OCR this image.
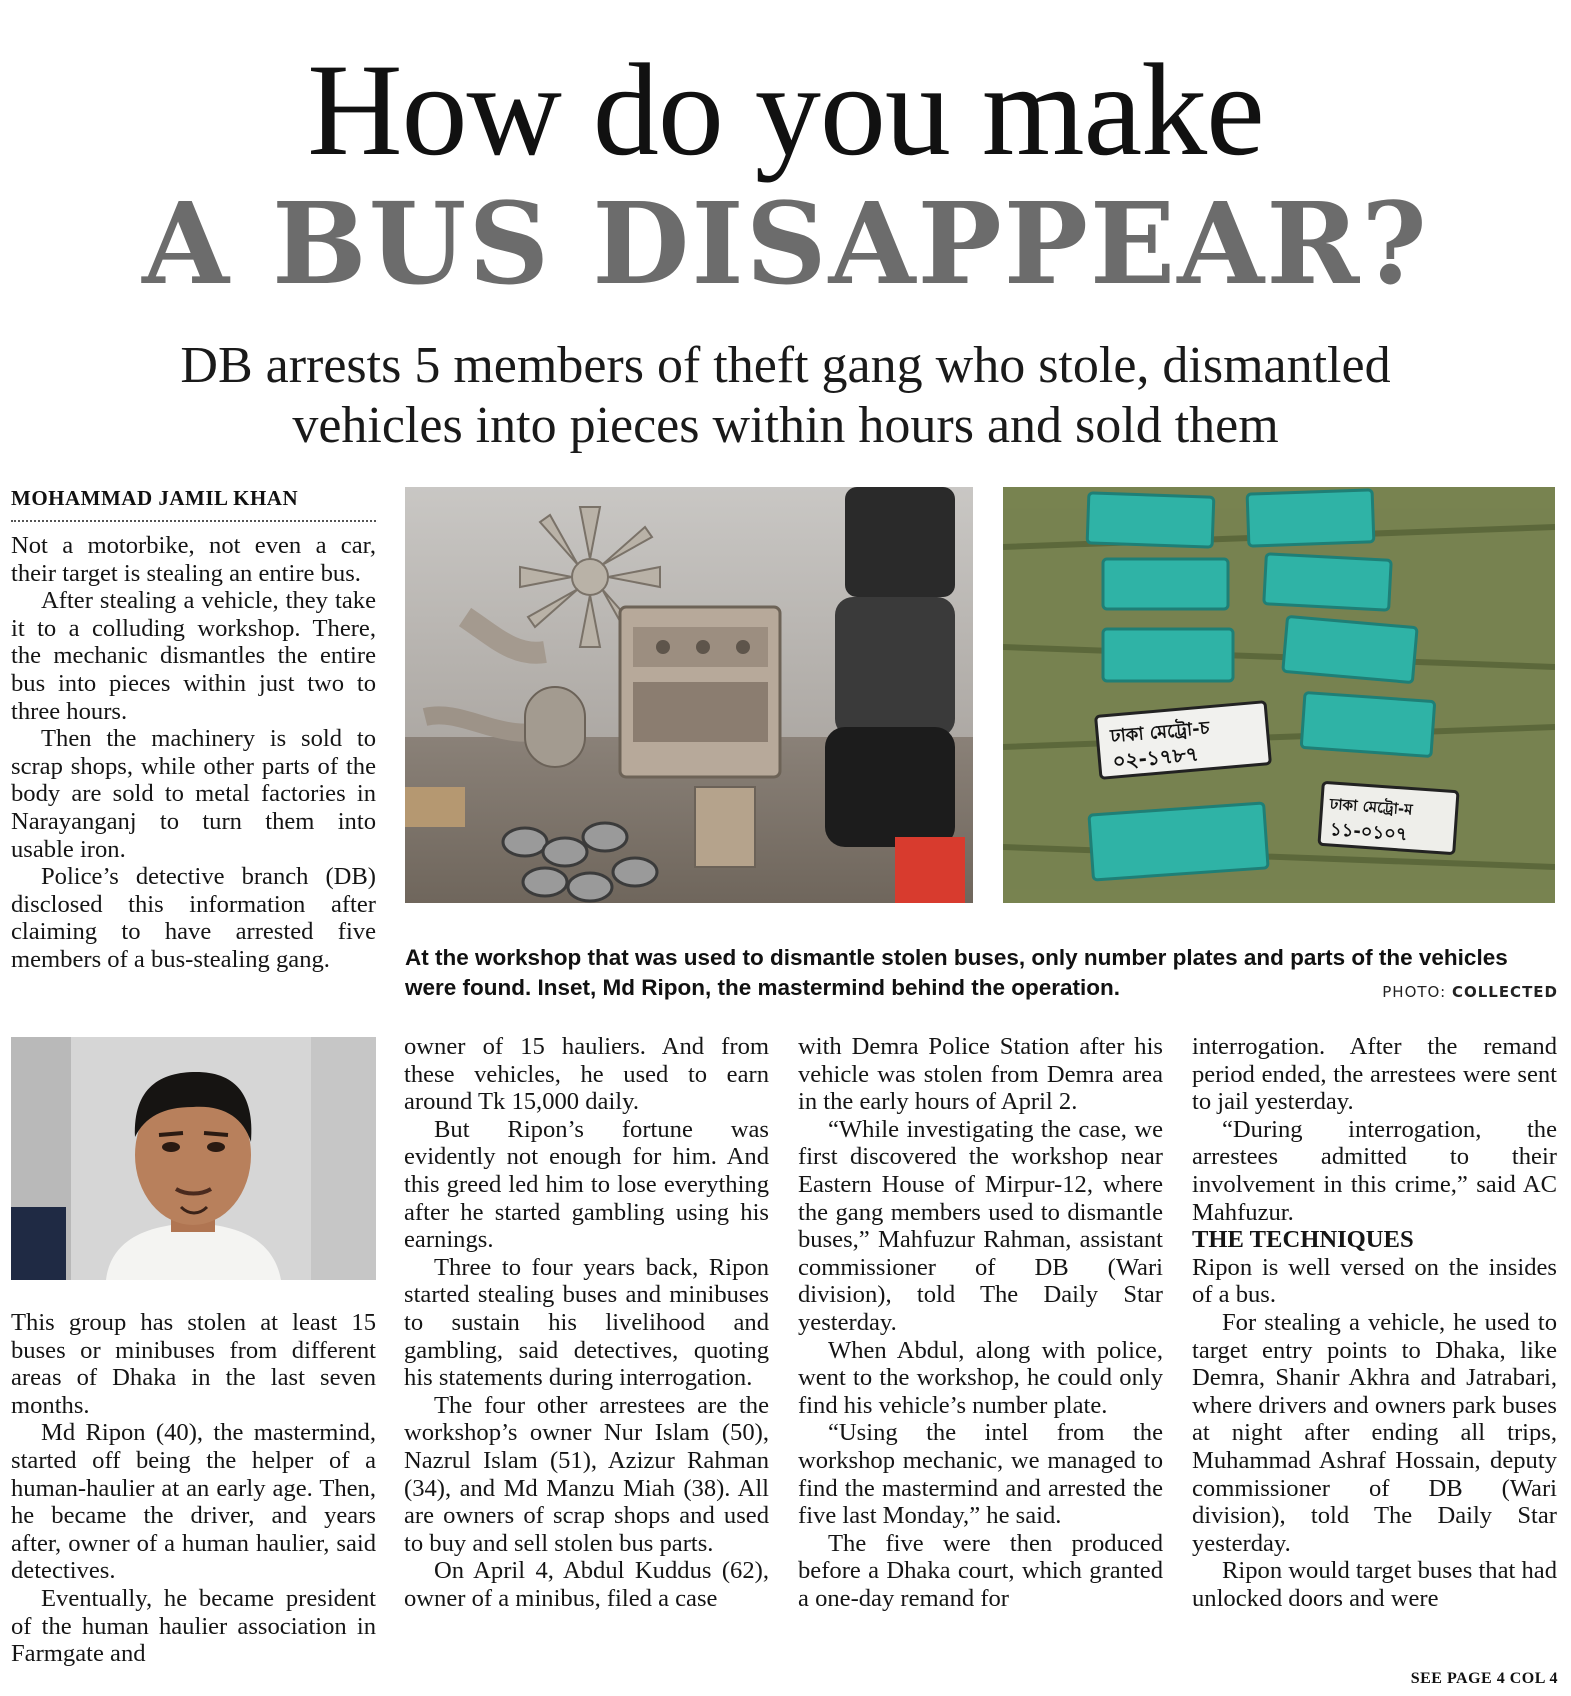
How do you make
A BUS DISAPPEAR?
DB arrests 5 members of theft gang who stole, dismantled
vehicles into pieces within hours and sold them
MOHAMMAD JAMIL KHAN

Not a motorbike, not even a car, their target is stealing an entire bus.

After stealing a vehicle, they take it to a colluding workshop. There, the mechanic dismantles the entire bus into pieces within just two to three hours.

Then the machinery is sold to scrap shops, while other parts of the body are sold to metal factories in Narayanganj to turn them into usable iron.

Police’s detective branch (DB) disclosed this information after claiming to have arrested five members of a bus-stealing gang.

ঢাকা মেট্রো-চ
০২-১৭৮৭
ঢাকা মেট্রো-ম
১১-০১০৭
At the workshop that was used to dismantle stolen buses, only number plates and parts of the vehicles were found. Inset, Md Ripon, the mastermind behind the operation.	PHOTO: COLLECTED

This group has stolen at least 15 buses or minibuses from different areas of Dhaka in the last seven months.

Md Ripon (40), the mastermind, started off being the helper of a human-haulier at an early age. Then, he became the driver, and years after, owner of a human haulier, said detectives.

Eventually, he became president of the human haulier association in Farmgate and

owner of 15 hauliers. And from these vehicles, he used to earn around Tk 15,000 daily.

But Ripon’s fortune was evidently not enough for him. And this greed led him to lose everything after he started gambling using his earnings.

Three to four years back, Ripon started stealing buses and minibuses to sustain his livelihood and gambling, said detectives, quoting his statements during interrogation.

The four other arrestees are the workshop’s owner Nur Islam (50), Nazrul Islam (51), Azizur Rahman (34), and Md Manzu Miah (38). All are owners of scrap shops and used to buy and sell stolen bus parts.

On April 4, Abdul Kuddus (62), owner of a minibus, filed a case

with Demra Police Station after his vehicle was stolen from Demra area in the early hours of April 2.

“While investigating the case, we first discovered the workshop near Eastern House of Mirpur-12, where the gang members used to dismantle buses,” Mahfuzur Rahman, assistant commissioner of DB (Wari division), told The Daily Star yesterday.

When Abdul, along with police, went to the workshop, he could only find his vehicle’s number plate.

“Using the intel from the workshop mechanic, we managed to find the mastermind and arrested the five last Monday,” he said.

The five were then produced before a Dhaka court, which granted a one-day remand for

interrogation. After the remand period ended, the arrestees were sent to jail yesterday.

“During interrogation, the arrestees admitted to their involvement in this crime,” said AC Mahfuzur.

THE TECHNIQUES

Ripon is well versed on the insides of a bus.

For stealing a vehicle, he used to target entry points to Dhaka, like Demra, Shanir Akhra and Jatrabari, where drivers and owners park buses at night after ending all trips, Muhammad Ashraf Hossain, deputy commissioner of DB (Wari division), told The Daily Star yesterday.

Ripon would target buses that had unlocked doors and were

SEE PAGE 4 COL 4
